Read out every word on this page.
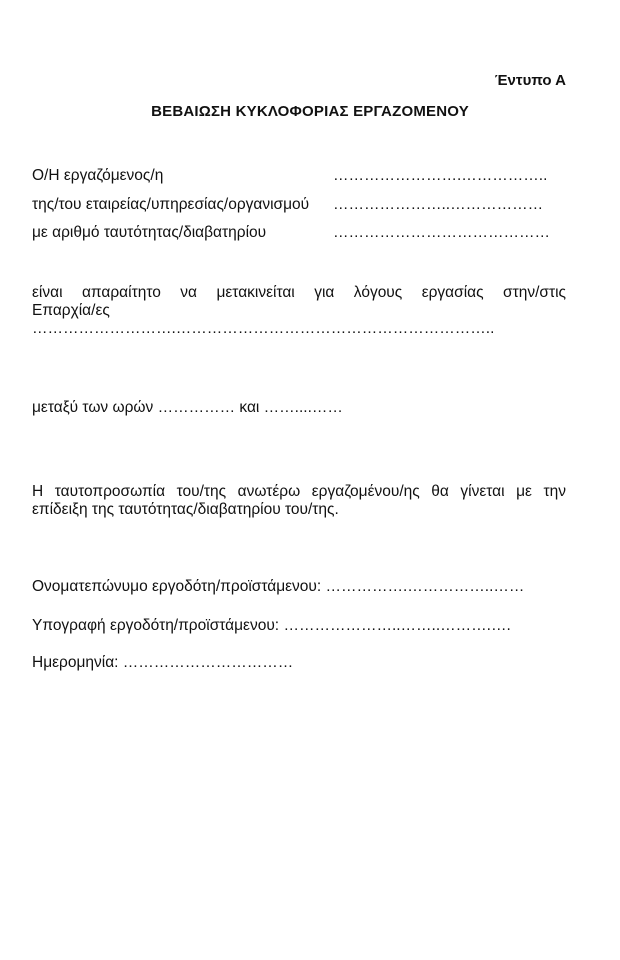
Έντυπο Α
ΒΕΒΑΙΩΣΗ ΚΥΚΛΟΦΟΡΙΑΣ ΕΡΓΑΖΟΜΕΝΟΥ
Ο/Η εργαζόμενος/η	…………………….……………..
της/του εταιρείας/υπηρεσίας/οργανισμού …………………..………………
με αριθμό ταυτότητας/διαβατηρίου	……………………………………
είναι απαραίτητο να μετακινείται για λόγους εργασίας στην/στις
Επαρχία/ες
……………………….……………………………………………………..
μεταξύ των ωρών …………… και ……....……
Η ταυτοπροσωπία του/της ανωτέρω εργαζομένου/ης θα γίνεται με την
επίδειξη της ταυτότητας/διαβατηρίου του/της.
Ονοματεπώνυμο εργοδότη/προϊστάμενου: …………….……………..……
Υπογραφή εργοδότη/προϊστάμενου: …………………..……..……….….
Ημερομηνία: ……………………………
